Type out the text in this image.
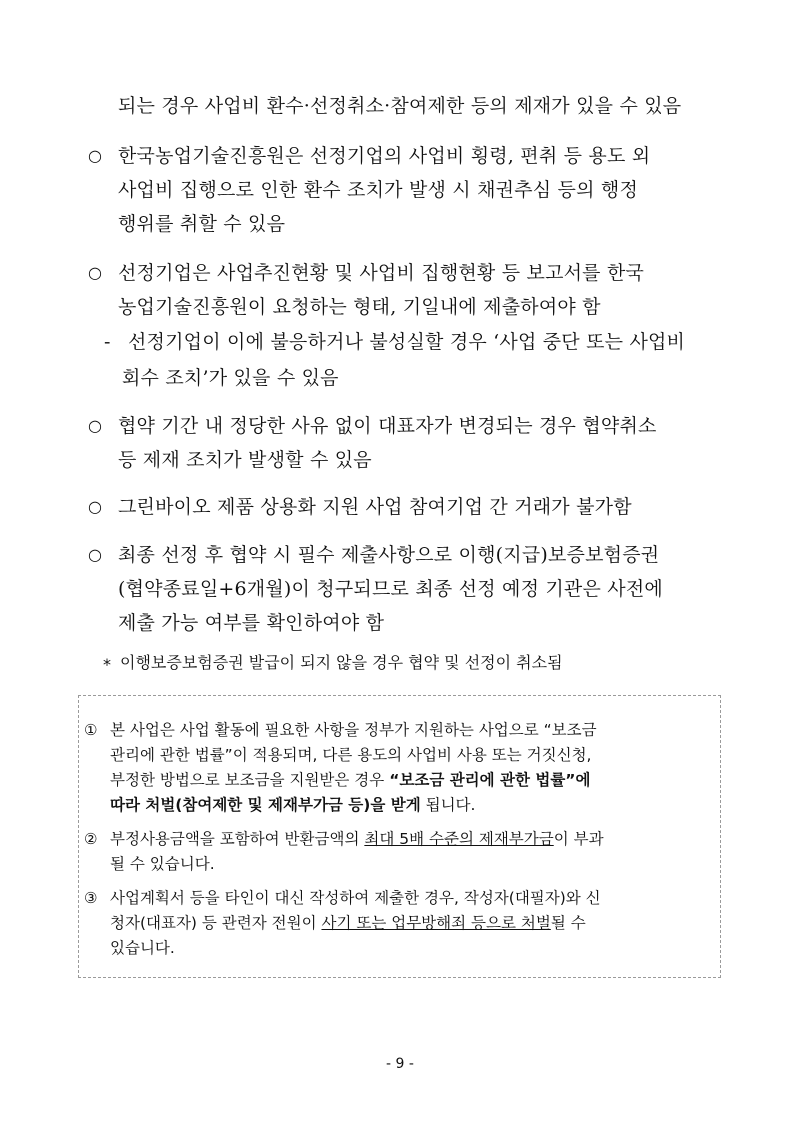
되는 경우 사업비 환수·선정취소·참여제한 등의 제재가 있을 수 있음
○ 한국농업기술진흥원은 선정기업의 사업비 횡령, 편취 등 용도 외
사업비 집행으로 인한 환수 조치가 발생 시 채권추심 등의 행정
행위를 취할 수 있음
○ 선정기업은 사업추진현황 및 사업비 집행현황 등 보고서를 한국
농업기술진흥원이 요청하는 형태, 기일내에 제출하여야 함
- 선정기업이 이에 불응하거나 불성실할 경우 ‘사업 중단 또는 사업비
회수 조치’가 있을 수 있음
○ 협약 기간 내 정당한 사유 없이 대표자가 변경되는 경우 협약취소
등 제재 조치가 발생할 수 있음
○ 그린바이오 제품 상용화 지원 사업 참여기업 간 거래가 불가함
○ 최종 선정 후 협약 시 필수 제출사항으로 이행(지급)보증보험증권
(협약종료일+6개월)이 청구되므로 최종 선정 예정 기관은 사전에
제출 가능 여부를 확인하여야 함
* 이행보증보험증권 발급이 되지 않을 경우 협약 및 선정이 취소됨
① 본 사업은 사업 활동에 필요한 사항을 정부가 지원하는 사업으로 “보조금
관리에 관한 법률”이 적용되며, 다른 용도의 사업비 사용 또는 거짓신청,
부정한 방법으로 보조금을 지원받은 경우 “보조금 관리에 관한 법률”에
따라 처벌(참여제한 및 제재부가금 등)을 받게 됩니다.
② 부정사용금액을 포함하여 반환금액의 최대 5배 수준의 제재부가금이 부과
될 수 있습니다.
③ 사업계획서 등을 타인이 대신 작성하여 제출한 경우, 작성자(대필자)와 신
청자(대표자) 등 관련자 전원이 사기 또는 업무방해죄 등으로 처벌될 수
있습니다.
- 9 -
